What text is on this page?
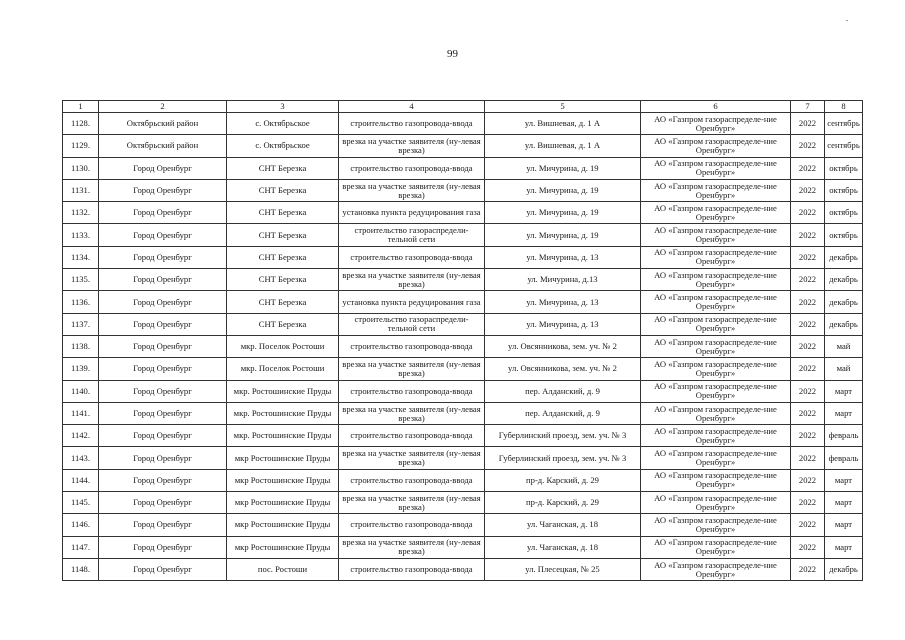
99
1	2	3	4	5	6	7	8
1128.	Октябрьский район	с. Октябрьское	строительство газопровода-ввода	ул. Вишневая, д. 1 А	АО «Газпром газораспределе-ние Оренбург»	2022	сентябрь
1129.	Октябрьский район	с. Октябрьское	врезка на участке заявителя (ну-левая врезка)	ул. Вишневая, д. 1 А	АО «Газпром газораспределе-ние Оренбург»	2022	сентябрь
1130.	Город Оренбург	СНТ Березка	строительство газопровода-ввода	ул. Мичурина, д. 19	АО «Газпром газораспределе-ние Оренбург»	2022	октябрь
1131.	Город Оренбург	СНТ Березка	врезка на участке заявителя (ну-левая врезка)	ул. Мичурина, д. 19	АО «Газпром газораспределе-ние Оренбург»	2022	октябрь
1132.	Город Оренбург	СНТ Березка	установка пункта редуцирования газа	ул. Мичурина, д. 19	АО «Газпром газораспределе-ние Оренбург»	2022	октябрь
1133.	Город Оренбург	СНТ Березка	строительство газораспредели-тельной сети	ул. Мичурина, д. 19	АО «Газпром газораспределе-ние Оренбург»	2022	октябрь
1134.	Город Оренбург	СНТ Березка	строительство газопровода-ввода	ул. Мичурина, д. 13	АО «Газпром газораспределе-ние Оренбург»	2022	декабрь
1135.	Город Оренбург	СНТ Березка	врезка на участке заявителя (ну-левая врезка)	ул. Мичурина, д.13	АО «Газпром газораспределе-ние Оренбург»	2022	декабрь
1136.	Город Оренбург	СНТ Березка	установка пункта редуцирования газа	ул. Мичурина, д. 13	АО «Газпром газораспределе-ние Оренбург»	2022	декабрь
1137.	Город Оренбург	СНТ Березка	строительство газораспредели-тельной сети	ул. Мичурина, д. 13	АО «Газпром газораспределе-ние Оренбург»	2022	декабрь
1138.	Город Оренбург	мкр. Поселок Ростоши	строительство газопровода-ввода	ул. Овсянникова, зем. уч. № 2	АО «Газпром газораспределе-ние Оренбург»	2022	май
1139.	Город Оренбург	мкр. Поселок Ростоши	врезка на участке заявителя (ну-левая врезка)	ул. Овсянникова, зем. уч. № 2	АО «Газпром газораспределе-ние Оренбург»	2022	май
1140.	Город Оренбург	мкр. Ростошинские Пруды	строительство газопровода-ввода	пер. Алданский, д. 9	АО «Газпром газораспределе-ние Оренбург»	2022	март
1141.	Город Оренбург	мкр. Ростошинские Пруды	врезка на участке заявителя (ну-левая врезка)	пер. Алданский, д. 9	АО «Газпром газораспределе-ние Оренбург»	2022	март
1142.	Город Оренбург	мкр. Ростошинские Пруды	строительство газопровода-ввода	Губерлинский проезд, зем. уч. № 3	АО «Газпром газораспределе-ние Оренбург»	2022	февраль
1143.	Город Оренбург	мкр Ростошинские Пруды	врезка на участке заявителя (ну-левая врезка)	Губерлинский проезд, зем. уч. № 3	АО «Газпром газораспределе-ние Оренбург»	2022	февраль
1144.	Город Оренбург	мкр Ростошинские Пруды	строительство газопровода-ввода	пр-д. Карский, д. 29	АО «Газпром газораспределе-ние Оренбург»	2022	март
1145.	Город Оренбург	мкр Ростошинские Пруды	врезка на участке заявителя (ну-левая врезка)	пр-д. Карский, д. 29	АО «Газпром газораспределе-ние Оренбург»	2022	март
1146.	Город Оренбург	мкр Ростошинские Пруды	строительство газопровода-ввода	ул. Чаганская, д. 18	АО «Газпром газораспределе-ние Оренбург»	2022	март
1147.	Город Оренбург	мкр Ростошинские Пруды	врезка на участке заявителя (ну-левая врезка)	ул. Чаганская, д. 18	АО «Газпром газораспределе-ние Оренбург»	2022	март
1148.	Город Оренбург	пос. Ростоши	строительство газопровода-ввода	ул. Плесецкая, № 25	АО «Газпром газораспределе-ние Оренбург»	2022	декабрь
